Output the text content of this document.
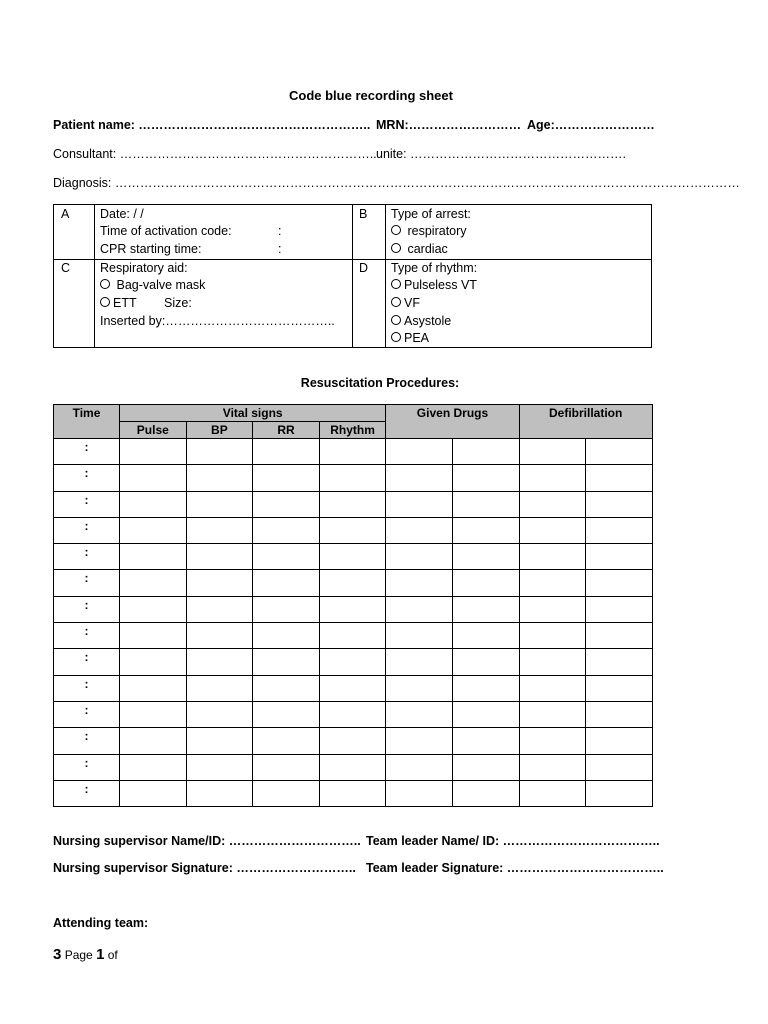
Code blue recording sheet
Patient name: ……………………………………………….. MRN:……………………… Age:……………………
Consultant: …………………………………………………….. unite: …………………………………………….
Diagnosis: ……………………………………………………………………………………………………………………………………
A Date: / /
Time of activation code:	:
CPR starting time:	:
B Type of arrest:
respiratory
cardiac
C Respiratory aid:
Bag-valve mask
ETT Size:
Inserted by:…………………………………..
D Type of rhythm:
Pulseless VT
VF
Asystole
PEA
Resuscitation Procedures:
Time	Vital signs				Given Drugs		Defibrillation	
	Pulse	BP	RR	Rhythm				
:								
:								
:								
:								
:								
:								
:								
:								
:								
:								
:								
:								
:								
:								
Nursing supervisor Name/ID: ………………………….. Team leader Name/ ID: ………………………………..
Nursing supervisor Signature: ……………………….. Team leader Signature: ………………………………..
Attending team:
3 Page 1 of
